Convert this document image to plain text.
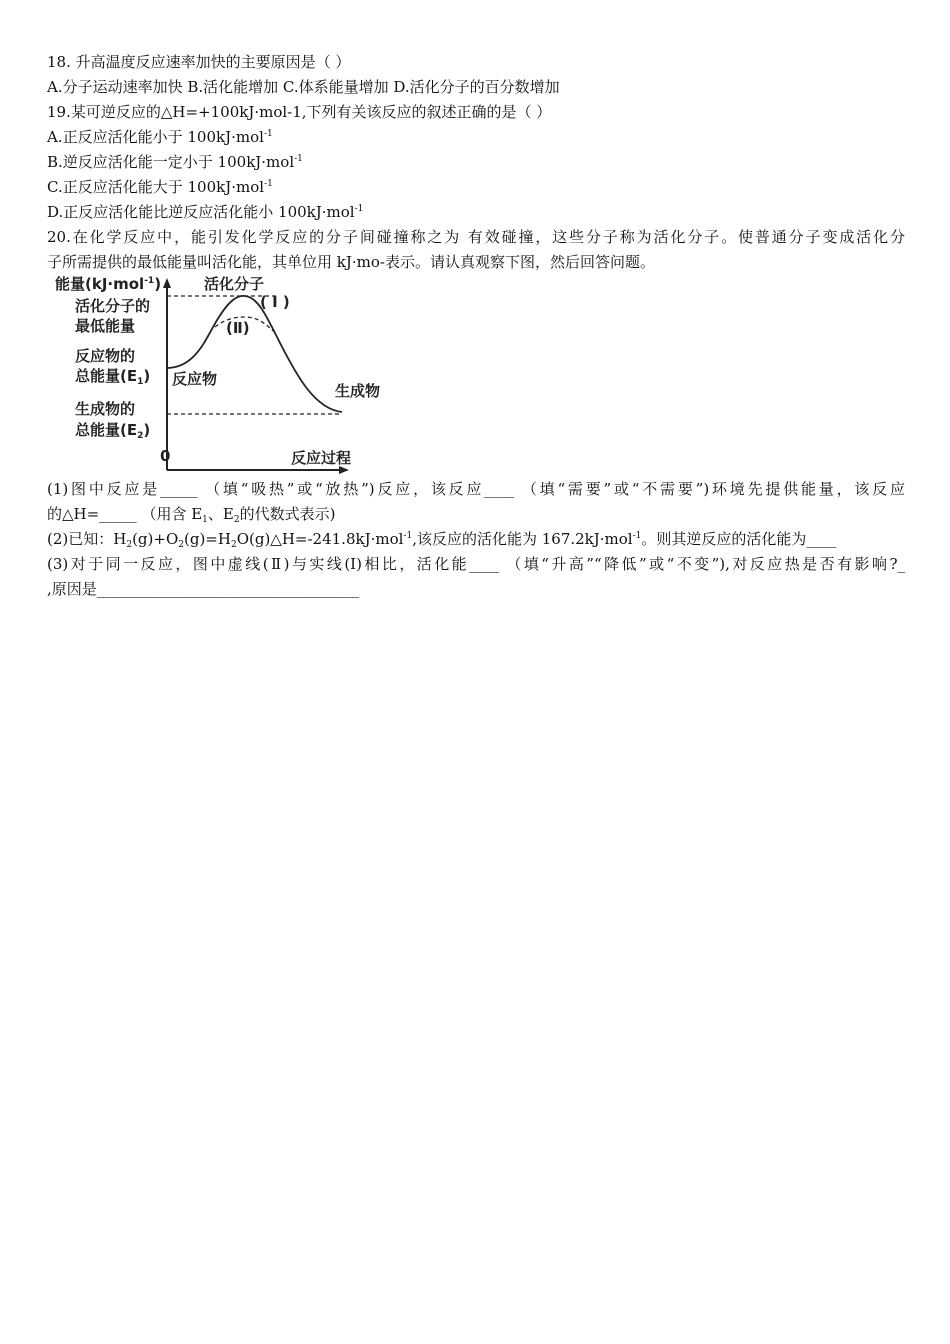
18. 升高温度反应速率加快的主要原因是（ ）
A.分子运动速率加快 B.活化能增加 C.体系能量增加 D.活化分子的百分数增加
19.某可逆反应的△H=+100kJ·mol-1,下列有关该反应的叙述正确的是（ ）
A.正反应活化能小于 100kJ·mol$^{-1}$
B.逆反应活化能一定小于 100kJ·mol$^{-1}$
C.正反应活化能大于 100kJ·mol$^{-1}$
D.正反应活化能比逆反应活化能小 100kJ·mol$^{-1}$
20.在化学反应中，能引发化学反应的分子间碰撞称之为 有效碰撞，这些分子称为活化分子。使普通分子变成活化分
子所需提供的最低能量叫活化能，其单位用 kJ·mo-表示。请认真观察下图，然后回答问题。
能量(kJ·mol$^{-1}$)	活化分子
活化分子的
最低能量
( I )
(Ⅱ)
反应物的
总能量$(E_1)$ 反应物
生成物
生成物的
总能量$(E_2)$
0	反应过程
(1)图中反应是_____ （填“吸热”或“放热”)反应，该反应____ （填“需要”或“不需要”)环境先提供能量，该反应
的△H=_____ （用含 $E_1$、$E_2$的代数式表示)
(2)已知：$H_2(g)+O_2(g)=H_2O(g)\triangle H=-241.8kJ\cdot mol^{-1}$,该反应的活化能为 167.2kJ·mol$^{-1}$。则其逆反应的活化能为____
(3)对于同一反应，图中虚线(Ⅱ)与实线(I)相比，活化能____ （填“升高”“降低”或“不变”),对反应热是否有影响?_
,原因是___________________________________
